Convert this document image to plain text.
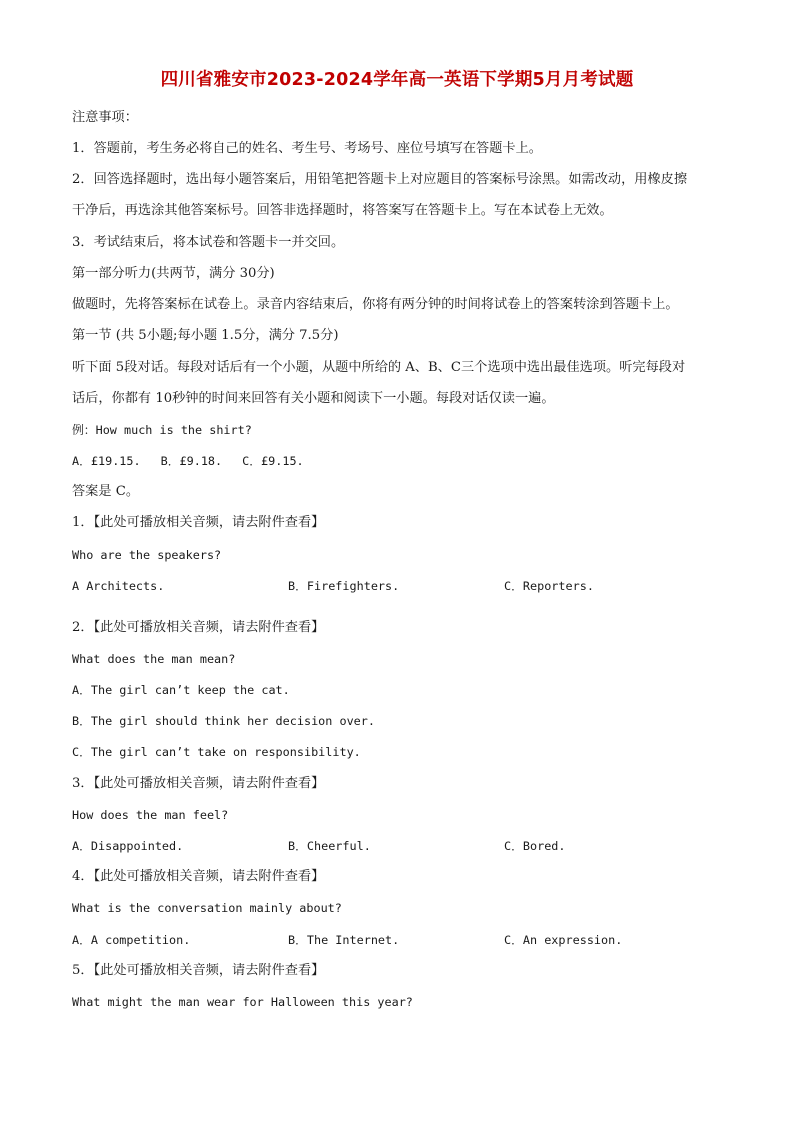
四川省雅安市2023-2024学年高一英语下学期5月月考试题
注意事项：
1．答题前，考生务必将自己的姓名、考生号、考场号、座位号填写在答题卡上。
2．回答选择题时，选出每小题答案后，用铅笔把答题卡上对应题目的答案标号涂黑。如需改动，用橡皮擦
干净后，再选涂其他答案标号。回答非选择题时，将答案写在答题卡上。写在本试卷上无效。
3．考试结束后，将本试卷和答题卡一并交回。
第一部分听力(共两节，满分 30分)
做题时，先将答案标在试卷上。录音内容结束后，你将有两分钟的时间将试卷上的答案转涂到答题卡上。
第一节 (共 5小题;每小题 1.5分，满分 7.5分)
听下面 5段对话。每段对话后有一个小题，从题中所给的 A、B、C三个选项中选出最佳选项。听完每段对
话后，你都有 10秒钟的时间来回答有关小题和阅读下一小题。每段对话仅读一遍。
例：How much is the shirt?
A．£19.15. B．£9.18. C．£9.15.
答案是 C。
1．【此处可播放相关音频，请去附件查看】
Who are the speakers?
A Architects.	B．Firefighters.	C．Reporters.
2．【此处可播放相关音频，请去附件查看】
What does the man mean?
A．The girl can’t keep the cat.
B．The girl should think her decision over.
C．The girl can’t take on responsibility.
3．【此处可播放相关音频，请去附件查看】
How does the man feel?
A．Disappointed.	B．Cheerful.	C．Bored.
4．【此处可播放相关音频，请去附件查看】
What is the conversation mainly about?
A．A competition.	B．The Internet.	C．An expression.
5．【此处可播放相关音频，请去附件查看】
What might the man wear for Halloween this year?
